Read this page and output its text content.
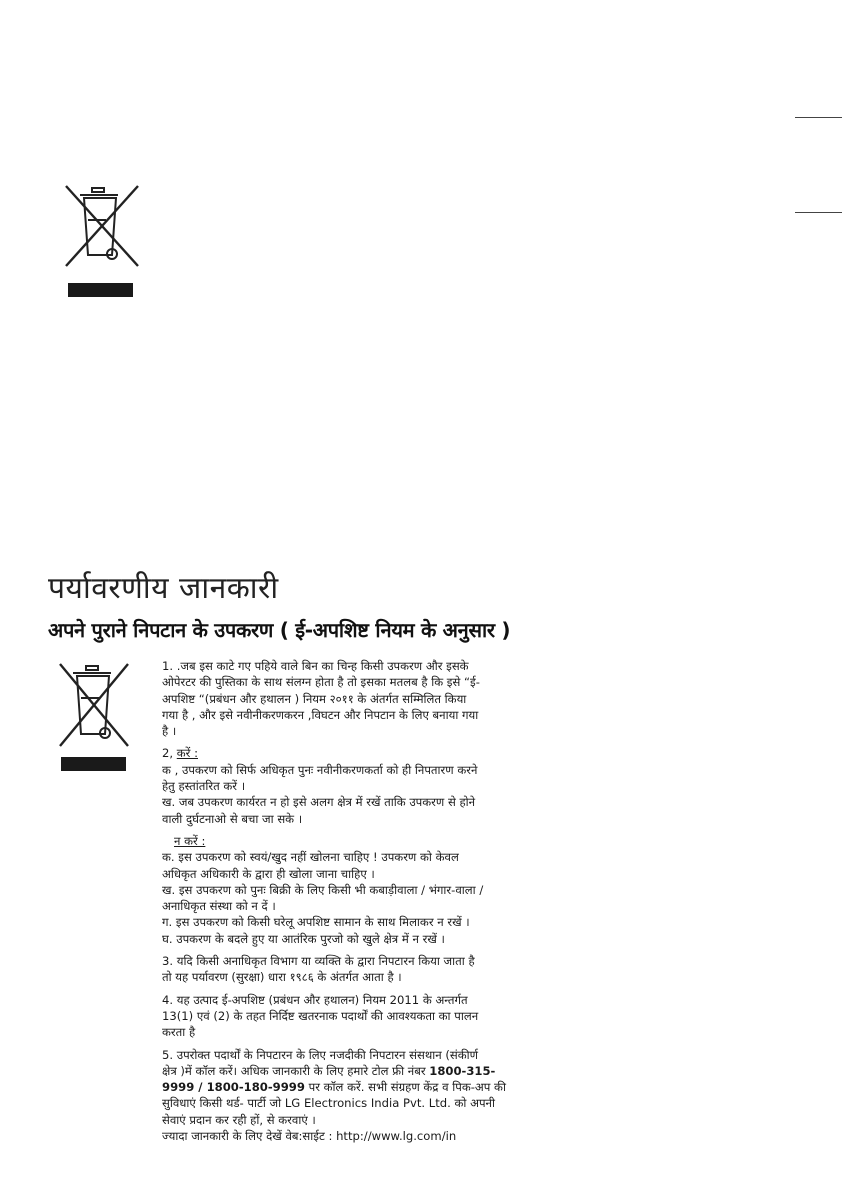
पर्यावरणीय जानकारी
अपने पुराने निपटान के उपकरण ( ई-अपशिष्ट नियम के अनुसार )

1. .जब इस काटे गए पहिये वाले बिन का चिन्ह किसी उपकरण और इसके

ओपेरटर की पुस्तिका के साथ संलग्न होता है तो इसका मतलब है कि इसे “ई-

अपशिष्ट “(प्रबंधन और हथालन ) नियम २०११ के अंतर्गत सम्मिलित किया

गया है , और इसे नवीनीकरणकरन ,विघटन और निपटान के लिए बनाया गया

है ।

2, करें :

क , उपकरण को सिर्फ अधिकृत पुनः नवीनीकरणकर्ता को ही निपतारण करने

हेतु हस्तांतरित करें ।

ख. जब उपकरण कार्यरत न हो इसे अलग क्षेत्र में रखें ताकि उपकरण से होने

वाली दुर्घटनाओ से बचा जा सके ।

न करें :

क. इस उपकरण को स्वयं/खुद नहीं खोलना चाहिए ! उपकरण को केवल

अधिकृत अधिकारी के द्वारा ही खोला जाना चाहिए ।

ख. इस उपकरण को पुनः बिक्री के लिए किसी भी कबाड़ीवाला / भंगार-वाला /

अनाधिकृत संस्था को न दें ।

ग. इस उपकरण को किसी घरेलू अपशिष्ट सामान के साथ मिलाकर न रखें ।

घ. उपकरण के बदले हुए या आतंरिक पुरजो को खुले क्षेत्र में न रखें ।

3. यदि किसी अनाधिकृत विभाग या व्यक्ति के द्वारा निपटारन किया जाता है

तो यह पर्यावरण (सुरक्षा) धारा १९८६ के अंतर्गत आता है ।

4. यह उत्पाद ई-अपशिष्ट (प्रबंधन और हथालन) नियम 2011 के अन्तर्गत

13(1) एवं (2) के तहत निर्दिष्ट खतरनाक पदार्थों की आवश्यकता का पालन

करता है

5. उपरोक्त पदार्थों के निपटारन के लिए नजदीकी निपटारन संसथान (संकीर्ण

क्षेत्र )में कॉल करें। अधिक जानकारी के लिए हमारे टोल फ्री नंबर 1800-315-

9999 / 1800-180-9999 पर कॉल करें. सभी संग्रहण केंद्र व पिक-अप की

सुविधाएं किसी थर्ड- पार्टी जो LG Electronics India Pvt. Ltd. को अपनी

सेवाएं प्रदान कर रही हों, से करवाएं ।

ज्यादा जानकारी के लिए देखें वेब:साईट : http://www.lg.com/in
